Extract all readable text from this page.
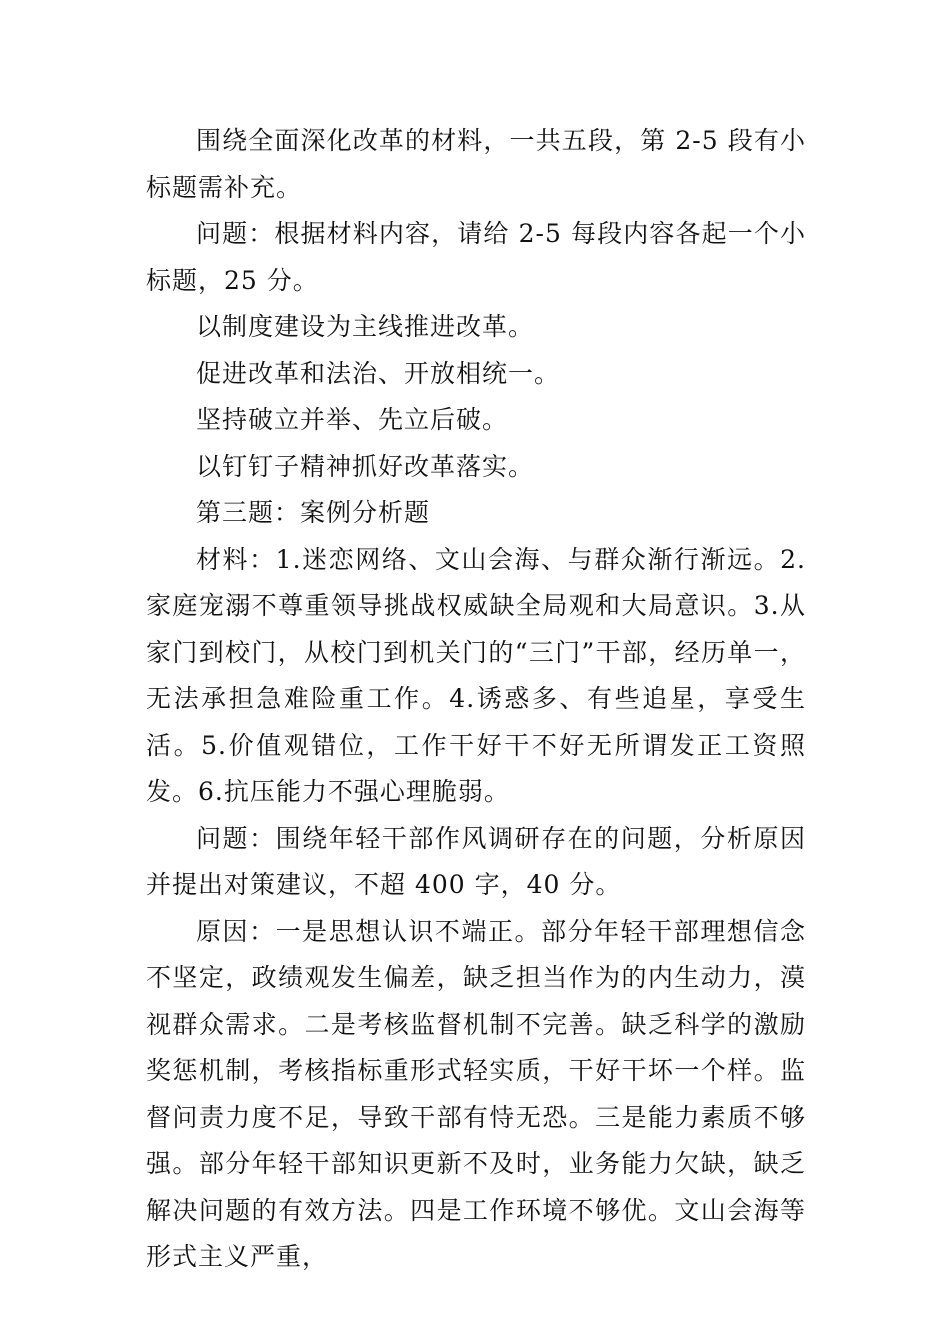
围绕全面深化改革的材料，一共五段，第 2-5 段有小标题需补充。

问题：根据材料内容，请给 2-5 每段内容各起一个小标题，25 分。

以制度建设为主线推进改革。

促进改革和法治、开放相统一。

坚持破立并举、先立后破。

以钉钉子精神抓好改革落实。

第三题：案例分析题

材料：1.迷恋网络、文山会海、与群众渐行渐远。2.家庭宠溺不尊重领导挑战权威缺全局观和大局意识。3.从家门到校门，从校门到机关门的“三门”干部，经历单一，无法承担急难险重工作。4.诱惑多、有些追星，享受生活。5.价值观错位，工作干好干不好无所谓发正工资照发。6.抗压能力不强心理脆弱。

问题：围绕年轻干部作风调研存在的问题，分析原因并提出对策建议，不超 400 字，40 分。

原因：一是思想认识不端正。部分年轻干部理想信念不坚定，政绩观发生偏差，缺乏担当作为的内生动力，漠视群众需求。二是考核监督机制不完善。缺乏科学的激励奖惩机制，考核指标重形式轻实质，干好干坏一个样。监督问责力度不足，导致干部有恃无恐。三是能力素质不够强。部分年轻干部知识更新不及时，业务能力欠缺，缺乏解决问题的有效方法。四是工作环境不够优。文山会海等形式主义严重，
